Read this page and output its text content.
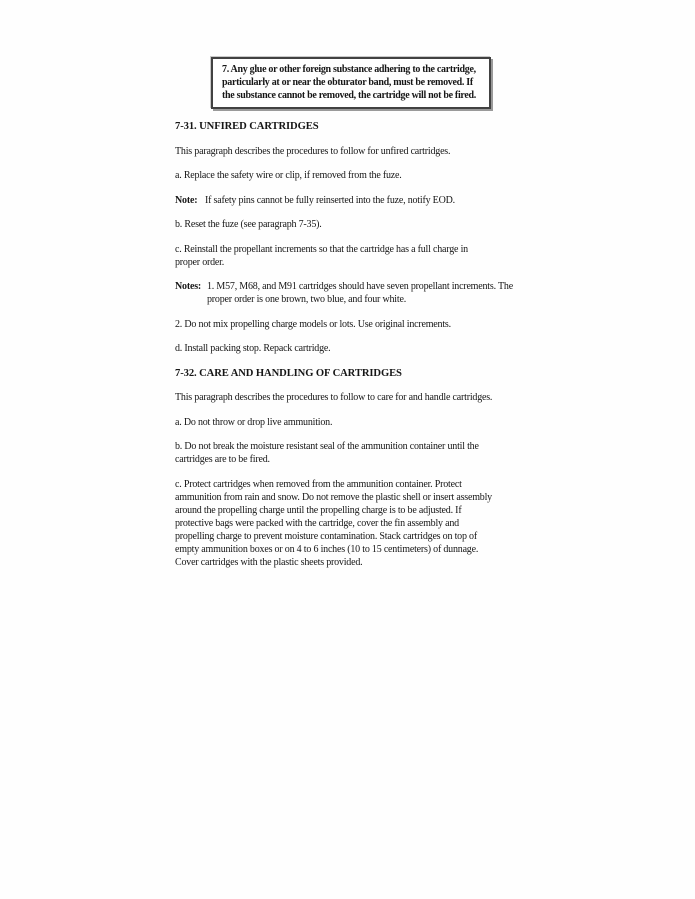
7. Any glue or other foreign substance adhering to the cartridge, particularly at or near the obturator band, must be removed. If the substance cannot be removed, the cartridge will not be fired.

7-31. UNFIRED CARTRIDGES

This paragraph describes the procedures to follow for unfired cartridges.

a. Replace the safety wire or clip, if removed from the fuze.

Note: If safety pins cannot be fully reinserted into the fuze, notify EOD.

b. Reset the fuze (see paragraph 7-35).

c. Reinstall the propellant increments so that the cartridge has a full charge in proper order.

Notes: 1. M57, M68, and M91 cartridges should have seven propellant increments. The proper order is one brown, two blue, and four white.

2. Do not mix propelling charge models or lots. Use original increments.

d. Install packing stop. Repack cartridge.

7-32. CARE AND HANDLING OF CARTRIDGES

This paragraph describes the procedures to follow to care for and handle cartridges.

a. Do not throw or drop live ammunition.

b. Do not break the moisture resistant seal of the ammunition container until the cartridges are to be fired.

c. Protect cartridges when removed from the ammunition container. Protect ammunition from rain and snow. Do not remove the plastic shell or insert assembly around the propelling charge until the propelling charge is to be adjusted. If protective bags were packed with the cartridge, cover the fin assembly and propelling charge to prevent moisture contamination. Stack cartridges on top of empty ammunition boxes or on 4 to 6 inches (10 to 15 centimeters) of dunnage. Cover cartridges with the plastic sheets provided.
